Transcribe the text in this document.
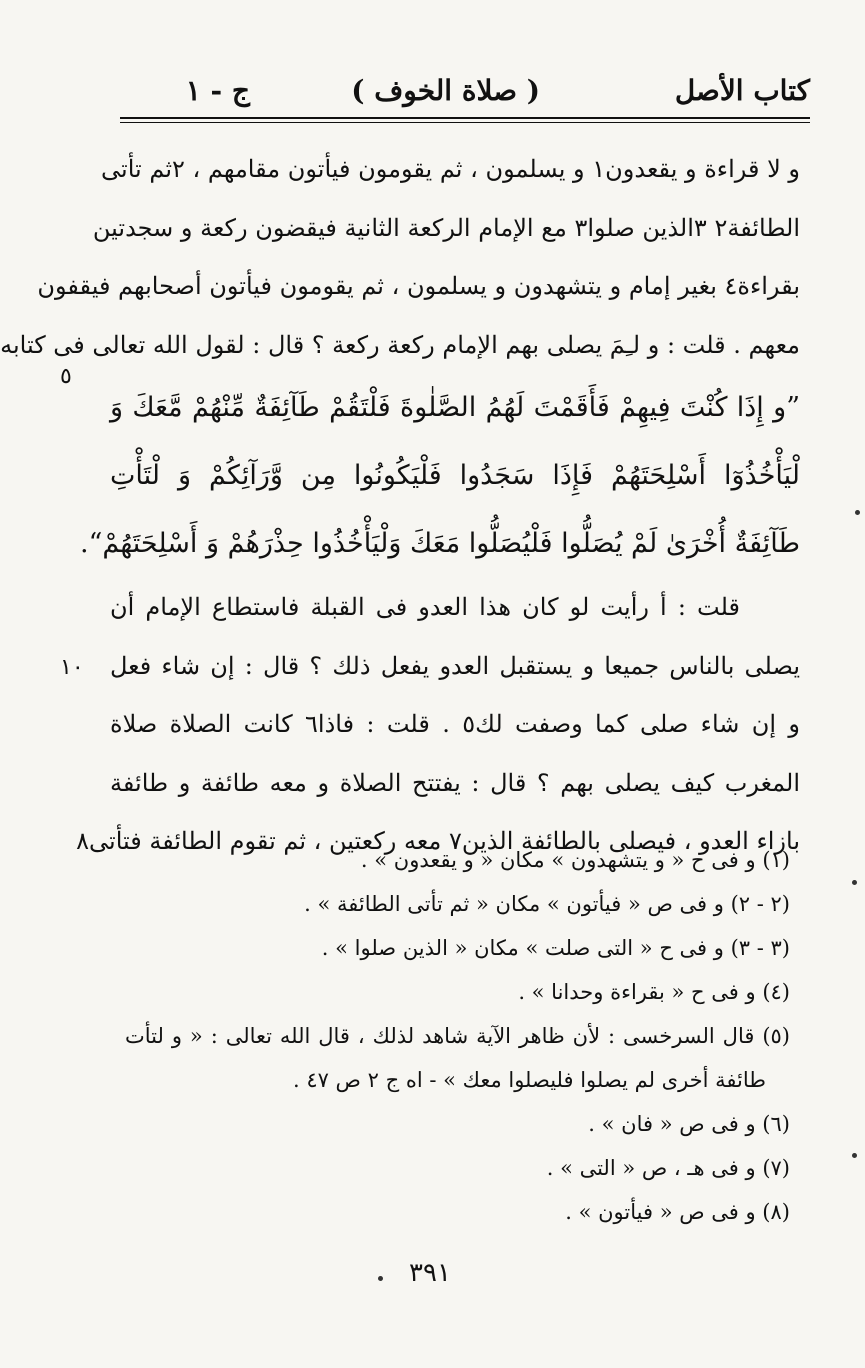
كتاب الأصل
( صلاة الخوف )
ج - ١
و لا قراءة و يقعدون١ و يسلمون ، ثم يقومون فيأتون مقامهم ، ٢ثم تأتى
الطائفة٢ ٣الذين صلوا٣ مع الإمام الركعة الثانية فيقضون ركعة و سجدتين
بقراءة٤ بغير إمام و يتشهدون و يسلمون ، ثم يقومون فيأتون أصحابهم فيقفون
معهم . قلت : و لـِمَ يصلى بهم الإمام ركعة ركعة ؟ قال : لقول الله تعالى فى كتابه
”و إِذَا كُنْتَ فِيهِمْ فَأَقَمْتَ لَهُمُ الصَّلٰوةَ فَلْتَقُمْ طَآئِفَةٌ مِّنْهُمْ مَّعَكَ وَ
لْيَأْخُذُوٓا أَسْلِحَتَهُمْ فَإِذَا سَجَدُوا فَلْيَكُونُوا مِن وَّرَآئِكُمْ وَ لْتَأْتِ
طَآئِفَةٌ أُخْرَىٰ لَمْ يُصَلُّوا فَلْيُصَلُّوا مَعَكَ وَلْيَأْخُذُوا حِذْرَهُمْ وَ أَسْلِحَتَهُمْ“.
قلت : أ رأيت لو كان هذا العدو فى القبلة فاستطاع الإمام أن
يصلى بالناس جميعا و يستقبل العدو يفعل ذلك ؟ قال : إن شاء فعل
و إن شاء صلى كما وصفت لك٥ . قلت : فاذا٦ كانت الصلاة صلاة
المغرب كيف يصلى بهم ؟ قال : يفتتح الصلاة و معه طائفة و طائفة
بازاء العدو ، فيصلى بالطائفة الذين٧ معه ركعتين ، ثم تقوم الطائفة فتأتى٨
٥
١٠
(١) و فى ح « و يتشهدون » مكان « و يقعدون » .
(٢ - ٢) و فى ص « فيأتون » مكان « ثم تأتى الطائفة » .
(٣ - ٣) و فى ح « التى صلت » مكان « الذين صلوا » .
(٤) و فى ح « بقراءة وحدانا » .
(٥) قال السرخسى : لأن ظاهر الآية شاهد لذلك ، قال الله تعالى : « و لتأت
طائفة أخرى لم يصلوا فليصلوا معك » - اه ج ٢ ص ٤٧ .
(٦) و فى ص « فان » .
(٧) و فى هـ ، ص « التى » .
(٨) و فى ص « فيأتون » .
٣٩١
